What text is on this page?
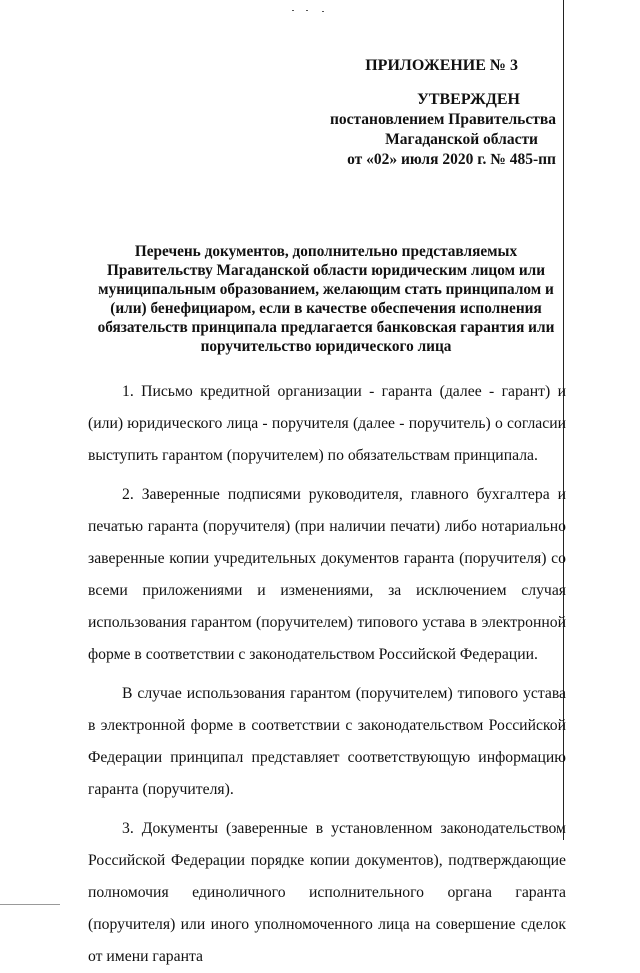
ПРИЛОЖЕНИЕ № 3
УТВЕРЖДЕН
постановлением Правительства
Магаданской области
от «02» июля 2020 г. № 485-пп
Перечень документов, дополнительно представляемых
Правительству Магаданской области юридическим лицом или
муниципальным образованием, желающим стать принципалом и
(или) бенефициаром, если в качестве обеспечения исполнения
обязательств принципала предлагается банковская гарантия или
поручительство юридического лица

1. Письмо кредитной организации - гаранта (далее - гарант) и (или) юридического лица - поручителя (далее - поручитель) о согласии выступить гарантом (поручителем) по обязательствам принципала.

2. Заверенные подписями руководителя, главного бухгалтера и печатью гаранта (поручителя) (при наличии печати) либо нотариально заверенные копии учредительных документов гаранта (поручителя) со всеми приложениями и изменениями, за исключением случая использования гарантом (поручителем) типового устава в электронной форме в соответствии с законодательством Российской Федерации.

В случае использования гарантом (поручителем) типового устава в электронной форме в соответствии с законодательством Российской Федерации принципал представляет соответствующую информацию гаранта (поручителя).

3. Документы (заверенные в установленном законодательством Российской Федерации порядке копии документов), подтверждающие полномочия единоличного исполнительного органа гаранта (поручителя) или иного уполномоченного лица на совершение сделок от имени гаранта
